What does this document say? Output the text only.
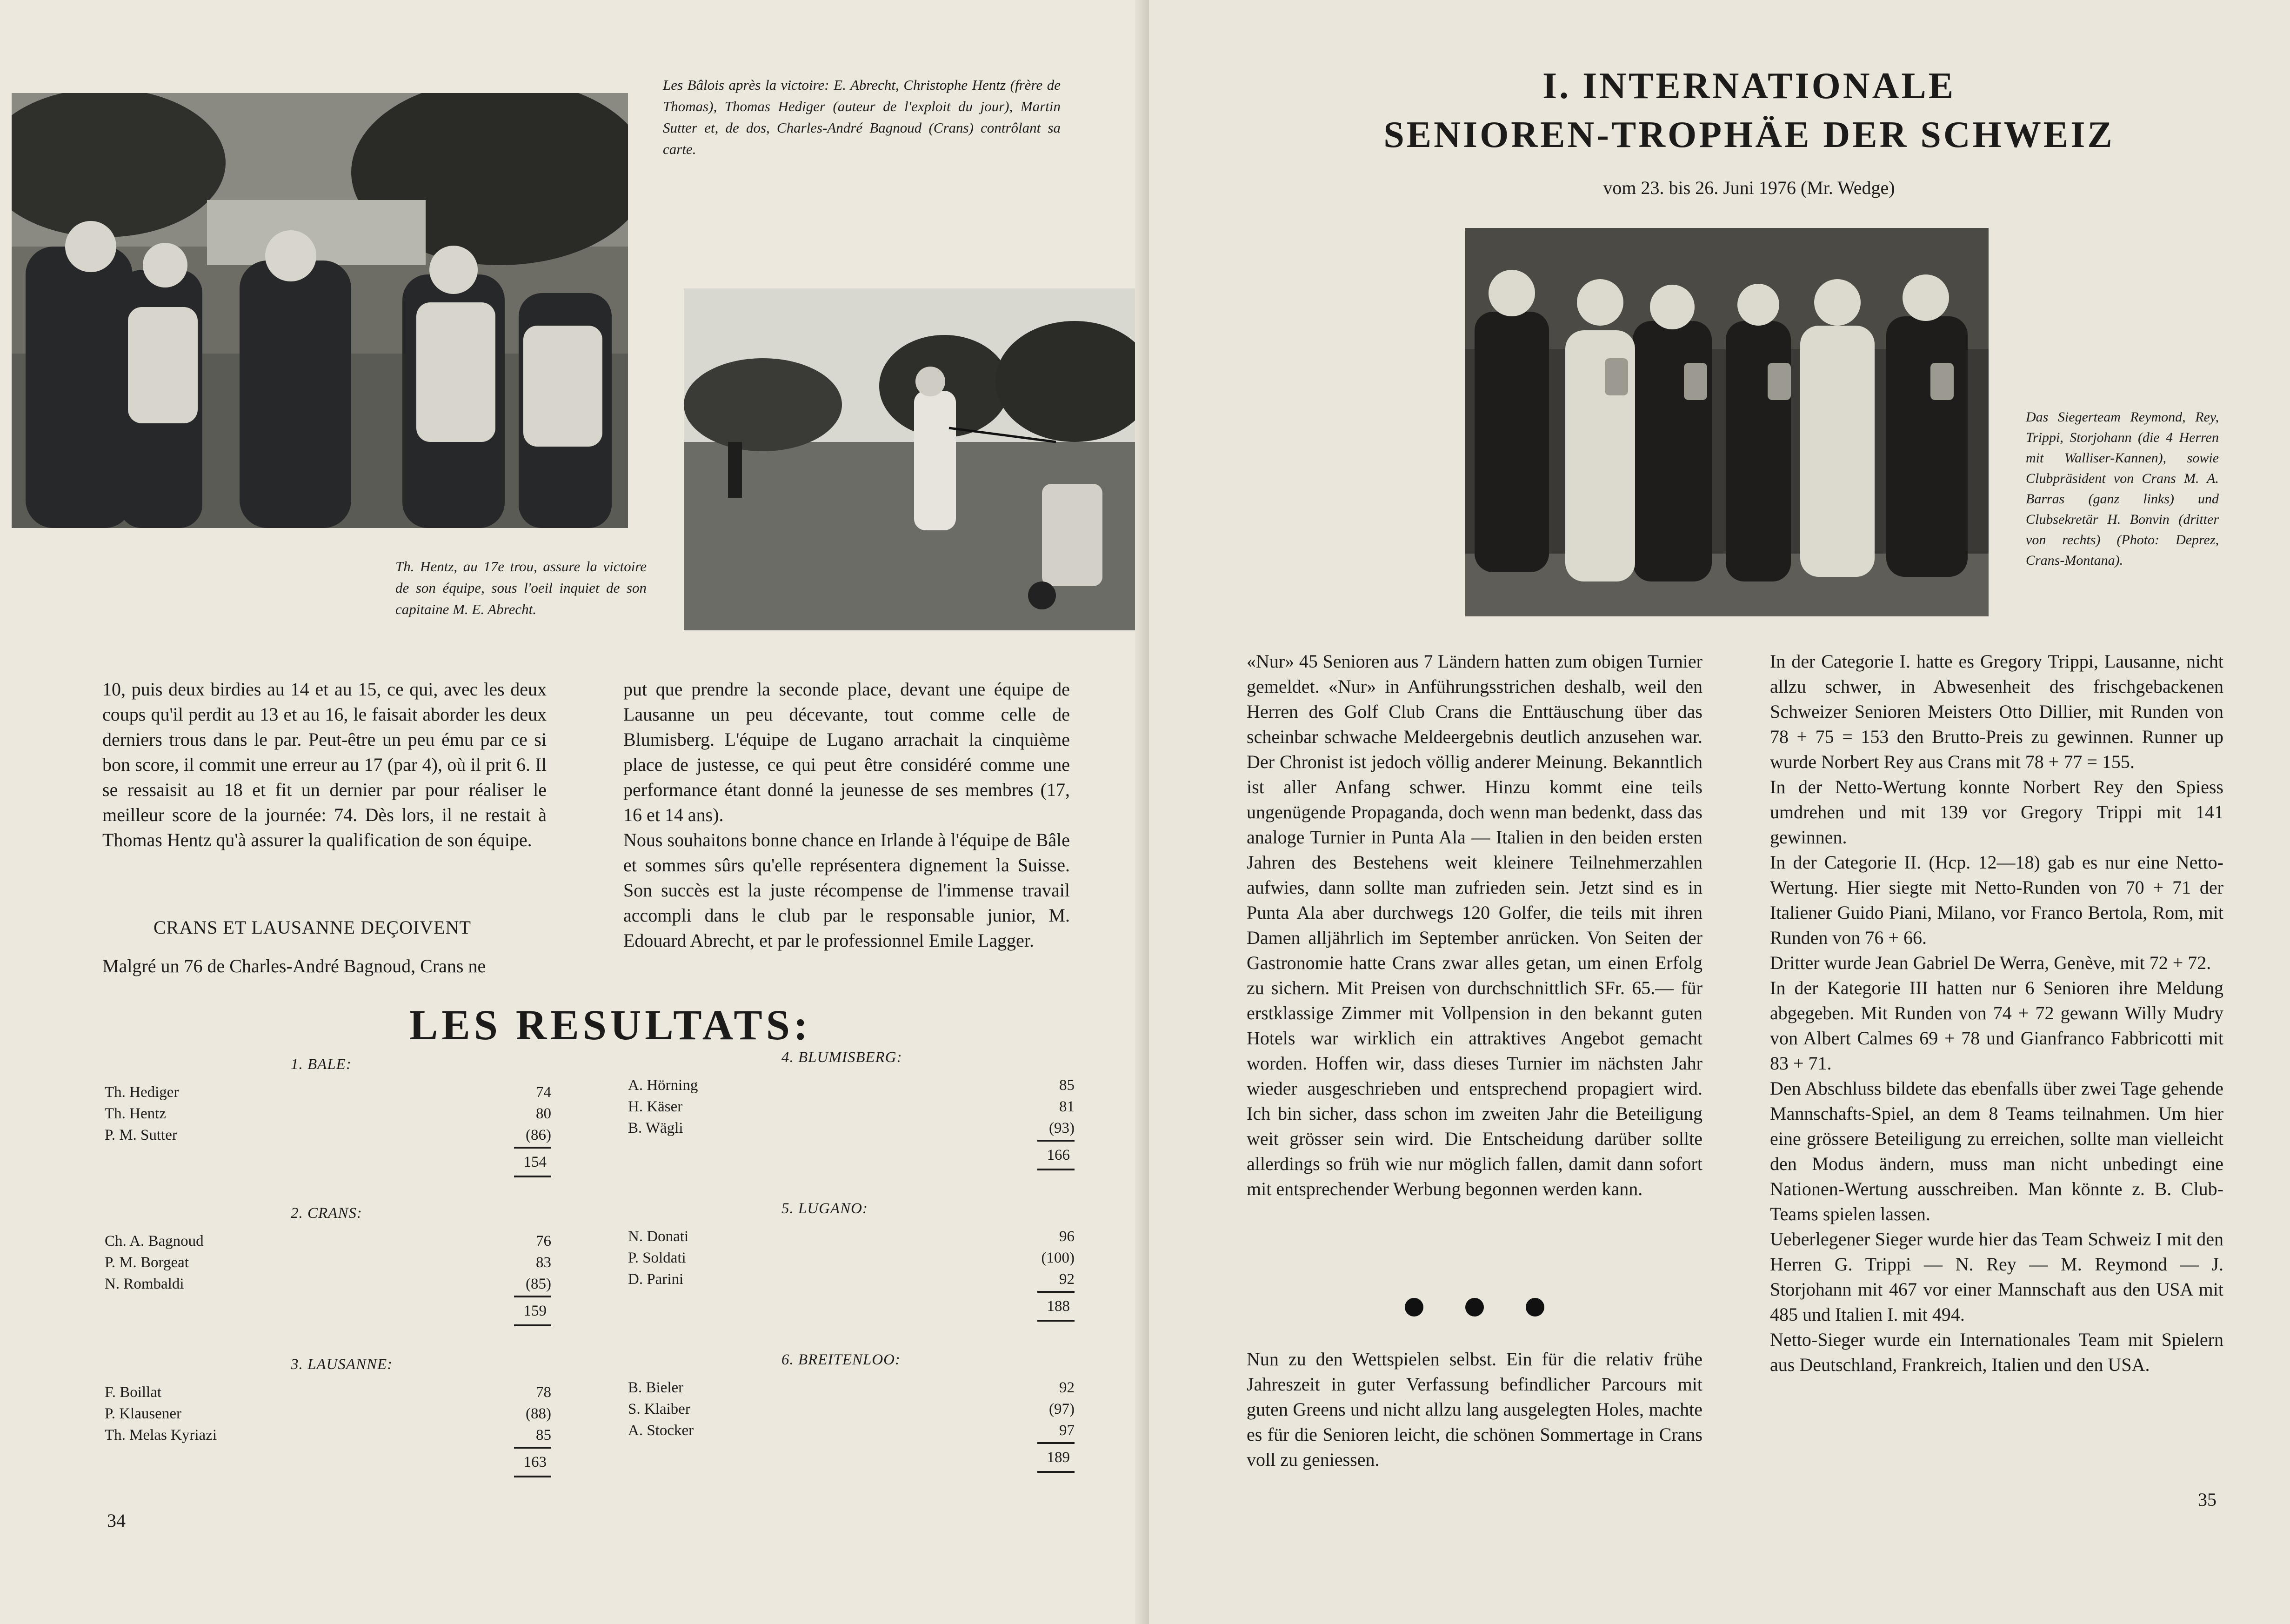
Les Bâlois après la victoire: E. Abrecht, Christophe Hentz (frère de Thomas), Thomas Hediger (auteur de l'exploit du jour), Martin Sutter et, de dos, Charles-André Bagnoud (Crans) contrôlant sa carte.
Th. Hentz, au 17e trou, assure la victoire de son équipe, sous l'oeil inquiet de son capitaine M. E. Abrecht.

10, puis deux birdies au 14 et au 15, ce qui, avec les deux coups qu'il perdit au 13 et au 16, le faisait aborder les deux derniers trous dans le par. Peut-être un peu ému par ce si bon score, il commit une erreur au 17 (par 4), où il prit 6. Il se ressaisit au 18 et fit un dernier par pour réaliser le meilleur score de la journée: 74. Dès lors, il ne restait à Thomas Hentz qu'à assurer la qualification de son équipe.

CRANS ET LAUSANNE DEÇOIVENT

Malgré un 76 de Charles-André Bagnoud, Crans ne

put que prendre la seconde place, devant une équipe de Lausanne un peu décevante, tout comme celle de Blumisberg. L'équipe de Lugano arrachait la cinquième place de justesse, ce qui peut être considéré comme une performance étant donné la jeunesse de ses membres (17, 16 et 14 ans).

Nous souhaitons bonne chance en Irlande à l'équipe de Bâle et sommes sûrs qu'elle représentera dignement la Suisse. Son succès est la juste récompense de l'immense travail accompli dans le club par le responsable junior, M. Edouard Abrecht, et par le professionnel Emile Lagger.

LES RESULTATS:
1. BALE:
Th. Hediger	74
Th. Hentz	80
P. M. Sutter	(86)
154
2. CRANS:
Ch. A. Bagnoud	76
P. M. Borgeat	83
N. Rombaldi	(85)
159
3. LAUSANNE:
F. Boillat	78
P. Klausener	(88)
Th. Melas Kyriazi	85
163
4. BLUMISBERG:
A. Hörning	85
H. Käser	81
B. Wägli	(93)
166
5. LUGANO:
N. Donati	96
P. Soldati	(100)
D. Parini	92
188
6. BREITENLOO:
B. Bieler	92
S. Klaiber	(97)
A. Stocker	97
189
34
I. INTERNATIONALE
SENIOREN-TROPHÄE DER SCHWEIZ
vom 23. bis 26. Juni 1976 (Mr. Wedge)
Das Siegerteam Reymond, Rey, Trippi, Storjohann (die 4 Herren mit Walliser-Kannen), sowie Clubpräsident von Crans M. A. Barras (ganz links) und Clubsekretär H. Bonvin (dritter von rechts) (Photo: Deprez, Crans-Montana).

«Nur» 45 Senioren aus 7 Ländern hatten zum obigen Turnier gemeldet. «Nur» in Anführungsstrichen deshalb, weil den Herren des Golf Club Crans die Enttäuschung über das scheinbar schwache Meldeergebnis deutlich anzusehen war. Der Chronist ist jedoch völlig anderer Meinung. Bekanntlich ist aller Anfang schwer. Hinzu kommt eine teils ungenügende Propaganda, doch wenn man bedenkt, dass das analoge Turnier in Punta Ala — Italien in den beiden ersten Jahren des Bestehens weit kleinere Teilnehmerzahlen aufwies, dann sollte man zufrieden sein. Jetzt sind es in Punta Ala aber durchwegs 120 Golfer, die teils mit ihren Damen alljährlich im September anrücken. Von Seiten der Gastronomie hatte Crans zwar alles getan, um einen Erfolg zu sichern. Mit Preisen von durchschnittlich SFr. 65.— für erstklassige Zimmer mit Vollpension in den bekannt guten Hotels war wirklich ein attraktives Angebot gemacht worden. Hoffen wir, dass dieses Turnier im nächsten Jahr wieder ausgeschrieben und entsprechend propagiert wird. Ich bin sicher, dass schon im zweiten Jahr die Beteiligung weit grösser sein wird. Die Entscheidung darüber sollte allerdings so früh wie nur möglich fallen, damit dann sofort mit entsprechender Werbung begonnen werden kann.

Nun zu den Wettspielen selbst. Ein für die relativ frühe Jahreszeit in guter Verfassung befindlicher Parcours mit guten Greens und nicht allzu lang ausgelegten Holes, machte es für die Senioren leicht, die schönen Sommertage in Crans voll zu geniessen.

In der Categorie I. hatte es Gregory Trippi, Lausanne, nicht allzu schwer, in Abwesenheit des frischgebackenen Schweizer Senioren Meisters Otto Dillier, mit Runden von 78 + 75 = 153 den Brutto-Preis zu gewinnen. Runner up wurde Norbert Rey aus Crans mit 78 + 77 = 155.

In der Netto-Wertung konnte Norbert Rey den Spiess umdrehen und mit 139 vor Gregory Trippi mit 141 gewinnen.

In der Categorie II. (Hcp. 12—18) gab es nur eine Netto-Wertung. Hier siegte mit Netto-Runden von 70 + 71 der Italiener Guido Piani, Milano, vor Franco Bertola, Rom, mit Runden von 76 + 66.

Dritter wurde Jean Gabriel De Werra, Genève, mit 72 + 72.

In der Kategorie III hatten nur 6 Senioren ihre Meldung abgegeben. Mit Runden von 74 + 72 gewann Willy Mudry von Albert Calmes 69 + 78 und Gianfranco Fabbricotti mit 83 + 71.

Den Abschluss bildete das ebenfalls über zwei Tage gehende Mannschafts-Spiel, an dem 8 Teams teilnahmen. Um hier eine grössere Beteiligung zu erreichen, sollte man vielleicht den Modus ändern, muss man nicht unbedingt eine Nationen-Wertung ausschreiben. Man könnte z. B. Club-Teams spielen lassen.

Ueberlegener Sieger wurde hier das Team Schweiz I mit den Herren G. Trippi — N. Rey — M. Reymond — J. Storjohann mit 467 vor einer Mannschaft aus den USA mit 485 und Italien I. mit 494.

Netto-Sieger wurde ein Internationales Team mit Spielern aus Deutschland, Frankreich, Italien und den USA.

35
